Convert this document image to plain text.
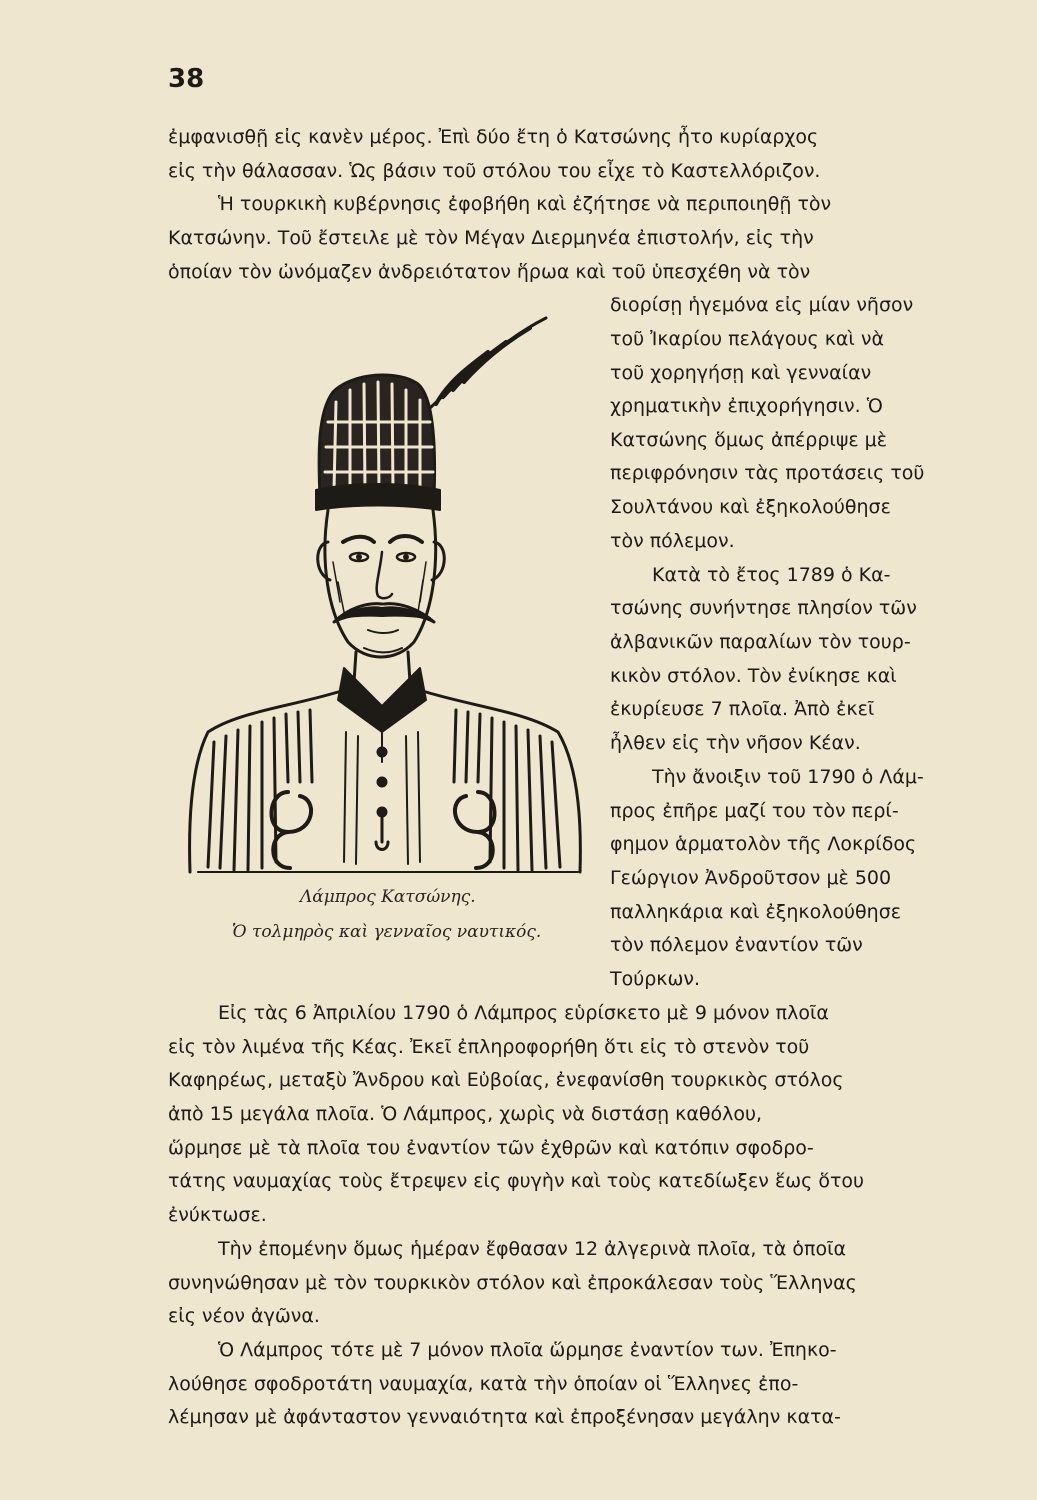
38

ἐμφανισθῇ εἰς κανὲν μέρος. Ἐπὶ δύο ἔτη ὁ Κατσώνης ἦτο κυρίαρχος

εἰς τὴν θάλασσαν. Ὡς βάσιν τοῦ στόλου του εἶχε τὸ Καστελλόριζον.

Ἡ τουρκικὴ κυβέρνησις ἐφοβήθη καὶ ἐζήτησε νὰ περιποιηθῇ τὸν

Κατσώνην. Τοῦ ἔστειλε μὲ τὸν Μέγαν Διερμηνέα ἐπιστολήν, εἰς τὴν

ὁποίαν τὸν ὠνόμαζεν ἀνδρειότατον ἥρωα καὶ τοῦ ὑπεσχέθη νὰ τὸν

διορίσῃ ἡγεμόνα εἰς μίαν νῆσον

τοῦ Ἰκαρίου πελάγους καὶ νὰ

τοῦ χορηγήσῃ καὶ γενναίαν

χρηματικὴν ἐπιχορήγησιν. Ὁ

Κατσώνης ὅμως ἀπέρριψε μὲ

περιφρόνησιν τὰς προτάσεις τοῦ

Σουλτάνου καὶ ἐξηκολούθησε

τὸν πόλεμον.

Κατὰ τὸ ἔτος 1789 ὁ Κα-

τσώνης συνήντησε πλησίον τῶν

ἀλβανικῶν παραλίων τὸν τουρ-

κικὸν στόλον. Τὸν ἐνίκησε καὶ

ἐκυρίευσε 7 πλοῖα. Ἀπὸ ἐκεῖ

ἦλθεν εἰς τὴν νῆσον Κέαν.

Τὴν ἄνοιξιν τοῦ 1790 ὁ Λάμ-

προς ἐπῆρε μαζί του τὸν περί-

φημον ἁρματολὸν τῆς Λοκρίδος

Γεώργιον Ἀνδροῦτσον μὲ 500

παλληκάρια καὶ ἐξηκολούθησε

τὸν πόλεμον ἐναντίον τῶν

Τούρκων.

Εἰς τὰς 6 Ἀπριλίου 1790 ὁ Λάμπρος εὑρίσκετο μὲ 9 μόνον πλοῖα

εἰς τὸν λιμένα τῆς Κέας. Ἐκεῖ ἐπληροφορήθη ὅτι εἰς τὸ στενὸν τοῦ

Καφηρέως, μεταξὺ Ἄνδρου καὶ Εὐβοίας, ἐνεφανίσθη τουρκικὸς στόλος

ἀπὸ 15 μεγάλα πλοῖα. Ὁ Λάμπρος, χωρὶς νὰ διστάσῃ καθόλου,

ὥρμησε μὲ τὰ πλοῖα του ἐναντίον τῶν ἐχθρῶν καὶ κατόπιν σφοδρο-

τάτης ναυμαχίας τοὺς ἔτρεψεν εἰς φυγὴν καὶ τοὺς κατεδίωξεν ἕως ὅτου

ἐνύκτωσε.

Τὴν ἐπομένην ὅμως ἡμέραν ἔφθασαν 12 ἀλγερινὰ πλοῖα, τὰ ὁποῖα

συνηνώθησαν μὲ τὸν τουρκικὸν στόλον καὶ ἐπροκάλεσαν τοὺς Ἕλληνας

εἰς νέον ἀγῶνα.

Ὁ Λάμπρος τότε μὲ 7 μόνον πλοῖα ὥρμησε ἐναντίον των. Ἐπηκο-

λούθησε σφοδροτάτη ναυμαχία, κατὰ τὴν ὁποίαν οἱ Ἕλληνες ἐπο-

λέμησαν μὲ ἀφάνταστον γενναιότητα καὶ ἐπροξένησαν μεγάλην κατα-

Λάμπρος Κατσώνης.
Ὁ τολμηρὸς καὶ γενναῖος ναυτικός.
